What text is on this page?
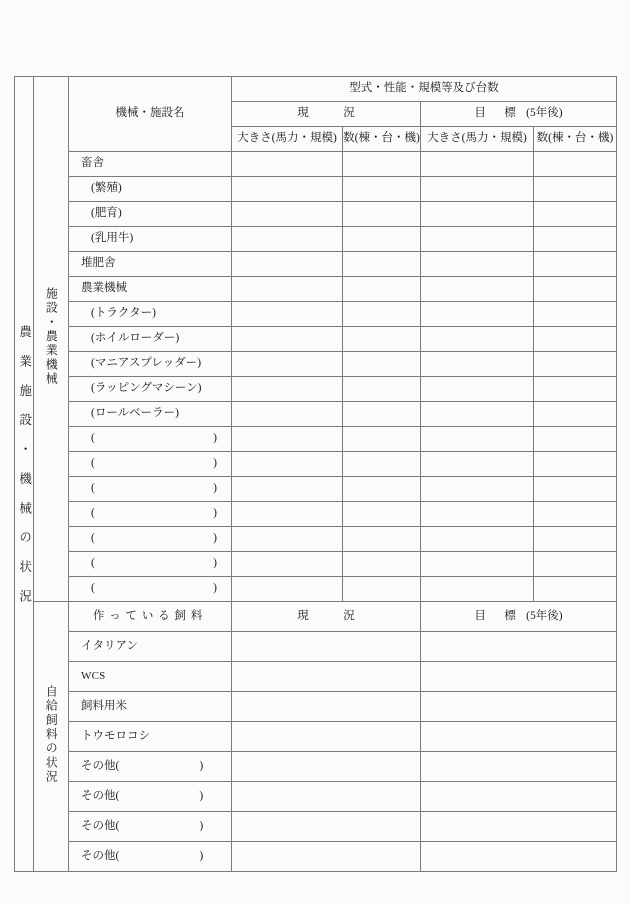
農業施設・機械の状況	施設・農業機械	機械・施設名	型式・性能・規模等及び台数			
			現 況		目 標 (5年後)	
			大きさ(馬力・規模)	数(棟・台・機)	大きさ(馬力・規模)	数(棟・台・機)
		畜舎				
		(繁殖)				
		(肥育)				
		(乳用牛)				
		堆肥舎				
		農業機械				
		(トラクター)				
		(ホイルローダー)				
		(マニアスプレッダー)				
		(ラッピングマシーン)				
		(ロールベーラー)				

		( )				

		( )				

		( )				

		( )				

		( )				

		( )				

		( )				

	自給飼料の状況	作っている飼料	現 況		目 標 (5年後)	
		イタリアン				
		WCS				
		飼料用米				
		トウモロコシ				

		その他( )				

		その他( )				

		その他( )				

		その他( )				
